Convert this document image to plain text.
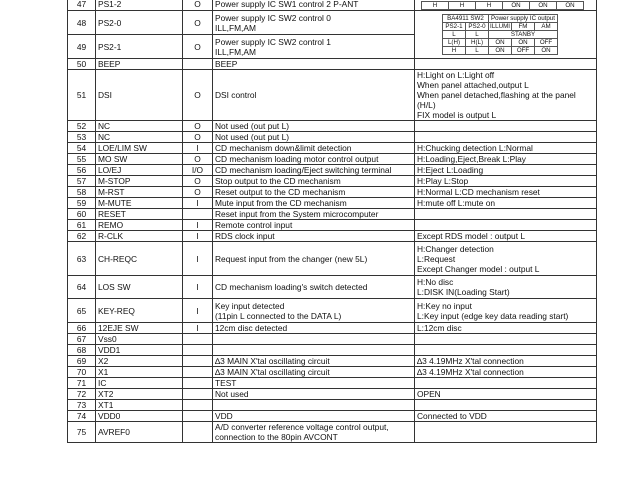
47	PS1-2	O	Power supply IC SW1 control 2 P-ANT
		H	H	H	ON	ON	ON

48	PS2-0	O	Power supply IC SW2 control 0
ILL,FM,AM

BA4911 SW2	Power supply IC output
PS2-1	PS2-0	ILLUMI	FM	AM
L	L	STANBY
L(H)	H(L)	ON	ON	OFF
H	L	ON	OFF	ON

49	PS2-1	O	Power supply IC SW2 control 1
ILL,FM,AM

50	BEEP		BEEP

51	DSI	O	DSI control

H:Light on L:Light off
When panel attached,output L
When panel detached,flashing at the panel (H/L)
FIX model is output L

52	NC	O	Not used (out put L)

53	NC	O	Not used (out put L)

54	LOE/LIM SW	I	CD mechanism down&limit detection	H:Chucking detection L:Normal

55	MO SW	O	CD mechanism loading motor control output	H:Loading,Eject,Break L:Play

56	LO/EJ	I/O	CD mechanism loading/Eject switching terminal	H:Eject L:Loading

57	M-STOP	O	Stop output to the CD mechanism	H:Play L:Stop

58	M-RST	O	Reset output to the CD mechanism	H:Normal L:CD mechanism reset

59	M-MUTE	I	Mute input from the CD mechanism	H:mute off L:mute on

60	RESET		Reset input from the System microcomputer

61	REMO	I	Remote control input

62	R-CLK	I	RDS clock input	Except RDS model : output L

63	CH-REQC	I	Request input from the changer (new 5L)

H:Changer detection
L:Request
Except Changer model : output L

64	LOS SW	I	CD mechanism loading's switch detected	H:No disc
L:DISK IN(Loading Start)

65	KEY-REQ	I	Key input detected
(11pin L connected to the DATA L)

H:Key no input
L:Key input (edge key data reading start)

66	12EJE SW	I	12cm disc detected	L:12cm disc

67	Vss0		

68	VDD1		

69	X2		∆3 MAIN X'tal oscillating circuit	∆3 4.19MHz X'tal connection

70	X1		∆3 MAIN X'tal oscillating circuit	∆3 4.19MHz X'tal connection

71	IC		TEST

72	XT2		Not used	OPEN

73	XT1		

74	VDD0		VDD	Connected to VDD

75	AVREF0		A/D converter reference voltage control output,
connection to the 80pin AVCONT
